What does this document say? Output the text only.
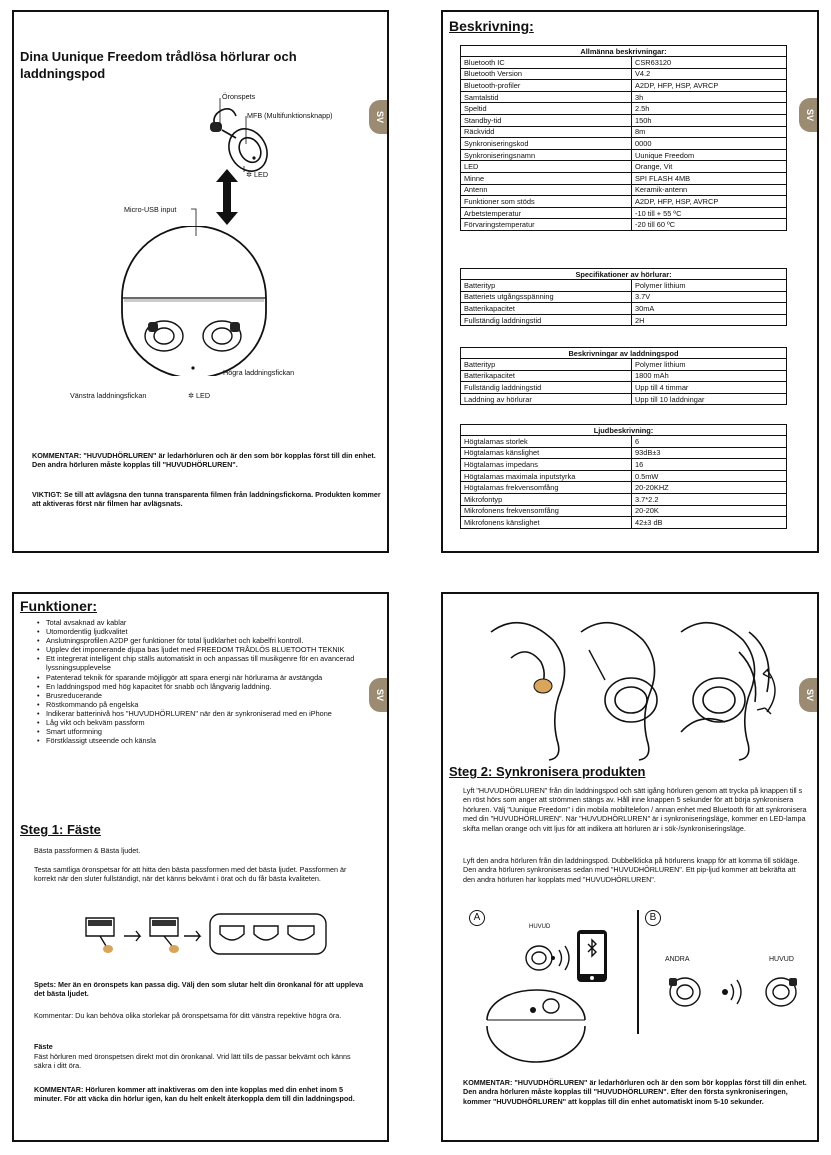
SV
Dina Uunique Freedom trådlösa hörlurar och laddningspod
Öronspets
MFB (Multifunktionsknapp)
✲ LED
Micro-USB input
Högra laddningsfickan
Vänstra laddningsfickan	✲ LED
KOMMENTAR: "HUVUDHÖRLUREN" är ledarhörluren och är den som bör kopplas först till din enhet. Den andra hörluren måste kopplas till "HUVUDHÖRLUREN".
VIKTIGT: Se till att avlägsna den tunna transparenta filmen från laddningsfickorna. Produkten kommer att aktiveras först när filmen har avlägsnats.
SV
Beskrivning:
Allmänna beskrivningar:	
Bluetooth IC	CSR63120
Bluetooth Version	V4.2
Bluetooth-profiler	A2DP, HFP, HSP, AVRCP
Samtalstid	3h
Speltid	2.5h
Standby-tid	150h
Räckvidd	8m
Synkroniseringskod	0000
Synkroniseringsnamn	Uunique Freedom
LED	Orange, Vit
Minne	SPI FLASH 4MB
Antenn	Keramik-antenn
Funktioner som stöds	A2DP, HFP, HSP, AVRCP
Arbetstemperatur	-10 till + 55 ºC
Förvaringstemperatur	-20 till 60 ºC
Specifikationer av hörlurar:	
Batterityp	Polymer lithium
Batteriets utgångsspänning	3.7V
Batterikapacitet	30mA
Fullständig laddningstid	2H
Beskrivningar av laddningspod	
Batterityp	Polymer lithium
Batterikapacitet	1800 mAh
Fullständig laddningstid	Upp till 4 timmar
Laddning av hörlurar	Upp till 10 laddningar
Ljudbeskrivning:	
Högtalarnas storlek	6
Högtalarnas känslighet	93dB±3
Högtalarnas impedans	16
Högtalarnas maximala inputstyrka	0.5mW
Högtalarnas frekvensomfång	20-20KHZ
Mikrofontyp	3.7*2.2
Mikrofonens frekvensomfång	20-20K
Mikrofonens känslighet	42±3 dB
SV
Funktioner:
• Total avsaknad av kablar
• Utomordentlig ljudkvalitet
• Anslutningsprofilen A2DP ger funktioner för total ljudklarhet och kabelfri kontroll.
• Upplev det imponerande djupa bas ljudet med FREEDOM TRÅDLÖS BLUETOOTH TEKNIK
• Ett integrerat intelligent chip ställs automatiskt in och anpassas till musikgenre för en avancerad lyssningsupplevelse
• Patenterad teknik för sparande möjliggör att spara energi när hörlurarna är avstängda
• En laddningspod med hög kapacitet för snabb och långvarig laddning.
• Brusreducerande
• Röstkommando på engelska
• Indikerar batterinivå hos "HUVUDHÖRLUREN" när den är synkroniserad med en iPhone
• Låg vikt och bekväm passform
• Smart utformning
• Förstklassigt utseende och känsla
Steg 1: Fäste
Bästa passformen & Bästa ljudet.
Testa samtliga öronspetsar för att hitta den bästa passformen med det bästa ljudet. Passformen är korrekt när den sluter fullständigt, när det känns bekvämt i örat och du får bästa kvaliteten.
Spets: Mer än en öronspets kan passa dig. Välj den som slutar helt din öronkanal för att uppleva det bästa ljudet.
Kommentar: Du kan behöva olika storlekar på öronspetsarna för ditt vänstra repektive högra öra.
Fäste
Fäst hörluren med öronspetsen direkt mot din öronkanal. Vrid lätt tills de passar bekvämt och känns säkra i ditt öra.
KOMMENTAR: Hörluren kommer att inaktiveras om den inte kopplas med din enhet inom 5 minuter. För att väcka din hörlur igen, kan du helt enkelt återkoppla dem till din laddningspod.
SV
Steg 2: Synkronisera produkten
Lyft "HUVUDHÖRLUREN" från din laddningspod och sätt igång hörluren genom att trycka på knappen till s en röst hörs som anger att strömmen stängs av. Håll inne knappen 5 sekunder för att börja synkronisera hörluren. Välj "Uunique Freedom" i din mobila mobiltelefon / annan enhet med Bluetooth för att synkronisera med din "HUVUDHÖRLUREN". När "HUVUDHÖRLUREN" är i synkroniseringsläge, kommer en LED-lampa skifta mellan orange och vitt ljus för att indikera att hörluren är i sök-/synkroniseringsläge.
Lyft den andra hörluren från din laddningspod. Dubbelklicka på hörlurens knapp för att komma till sökläge. Den andra hörluren synkroniseras sedan med "HUVUDHÖRLUREN". Ett pip-ljud kommer att bekräfta att den andra hörluren har kopplats med "HUVUDHÖRLUREN".
A	B
HUVUD
ANDRA	HUVUD
KOMMENTAR: "HUVUDHÖRLUREN" är ledarhörluren och är den som bör kopplas först till din enhet. Den andra hörluren måste kopplas till "HUVUDHÖRLUREN". Efter den första synkroniseringen, kommer "HUVUDHÖRLUREN" att kopplas till din enhet automatiskt inom 5-10 sekunder.
